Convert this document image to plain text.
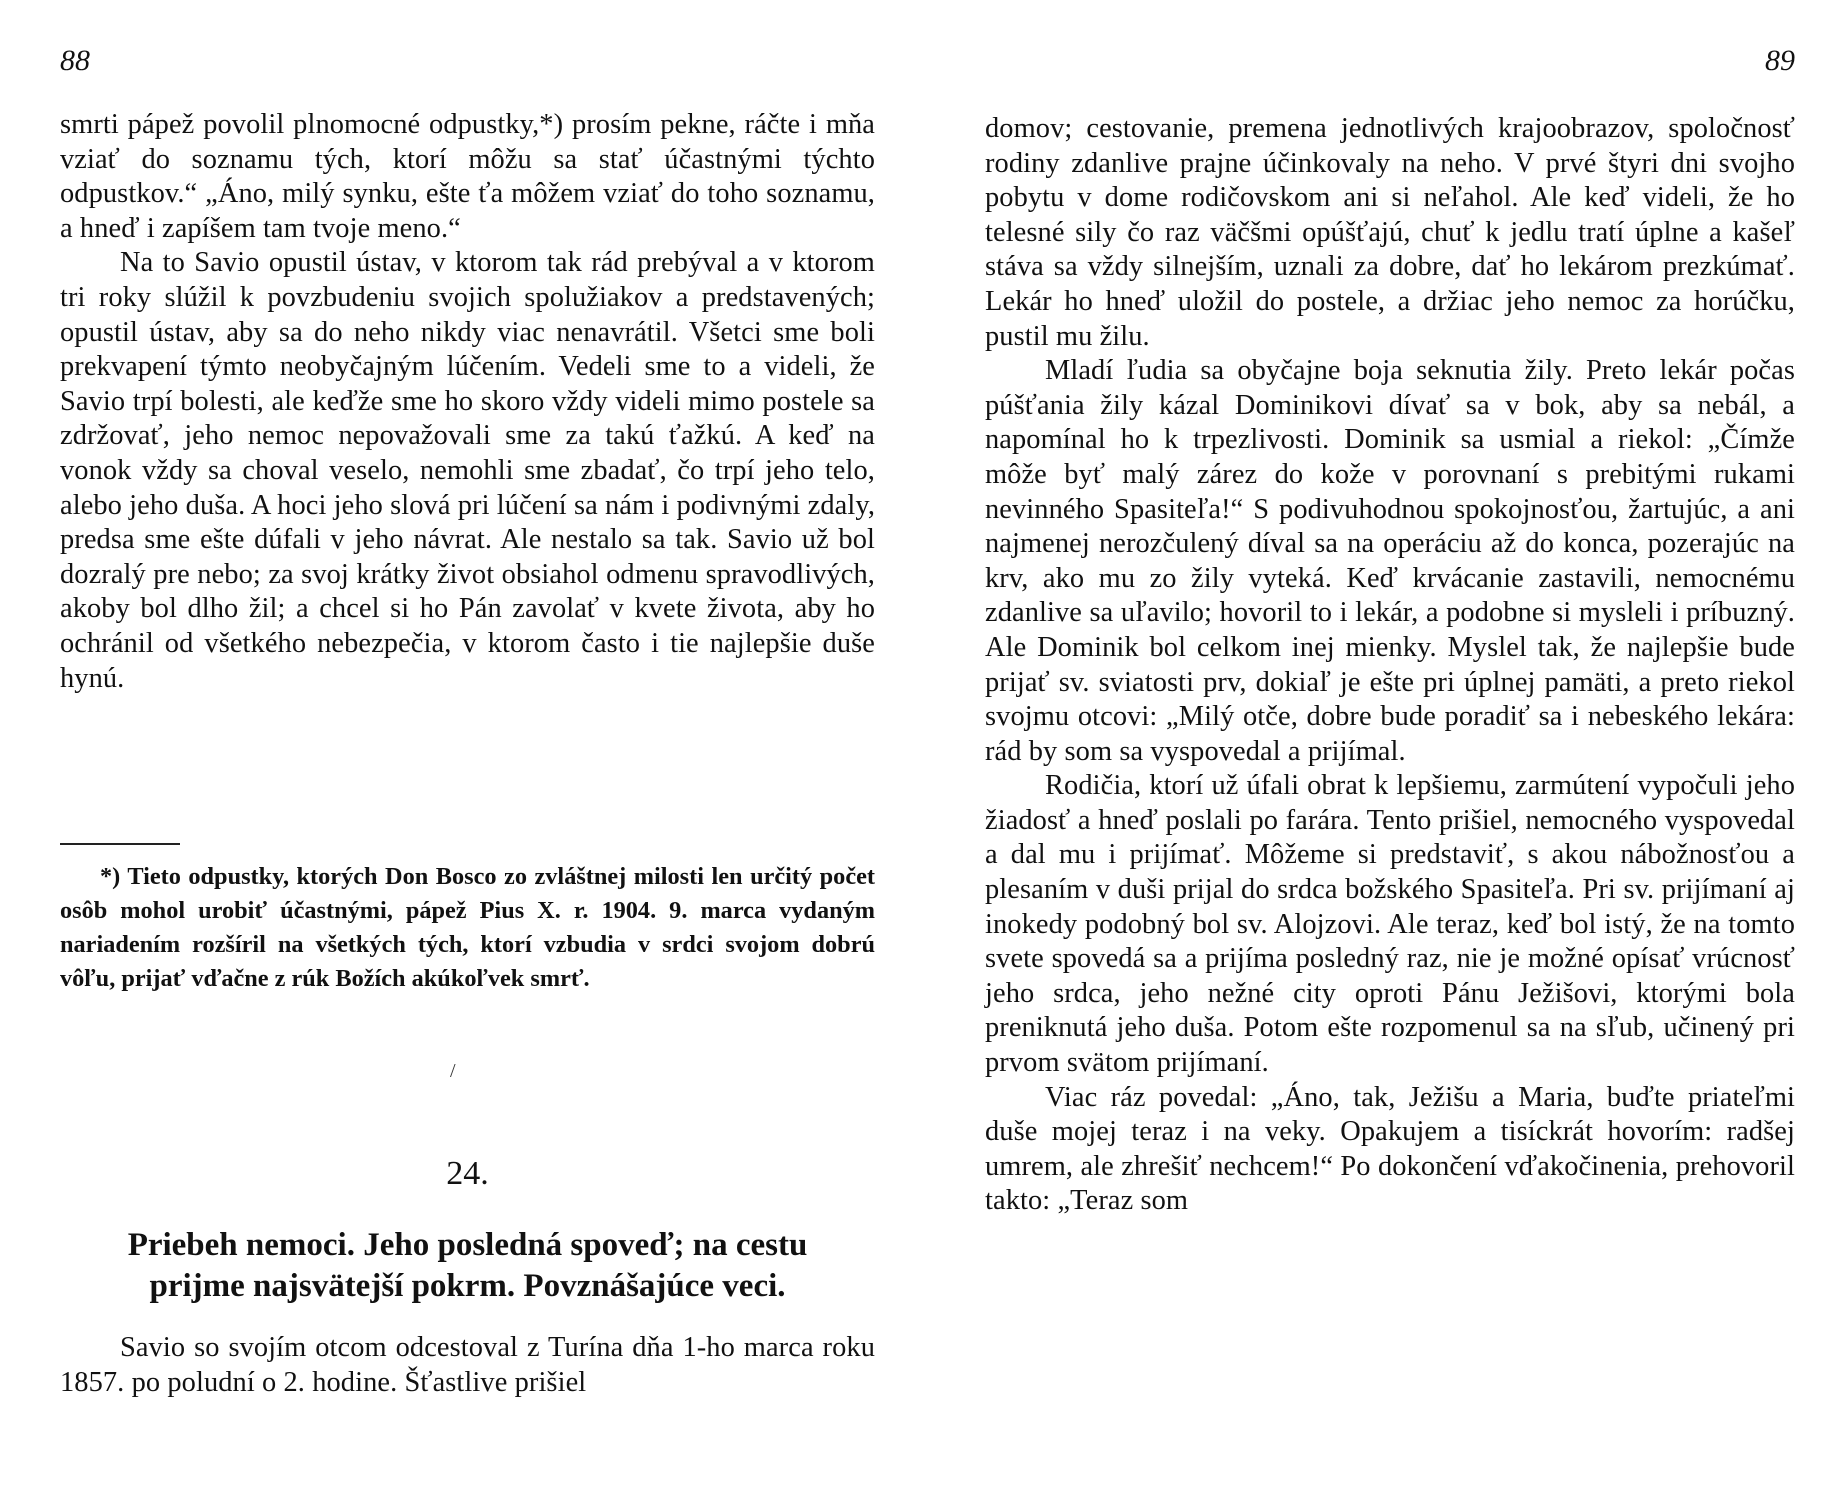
88

smrti pápež povolil plnomocné odpustky,*) prosím pekne, ráčte i mňa vziať do soznamu tých, ktorí môžu sa stať účastnými týchto odpustkov.“ „Áno, milý synku, ešte ťa môžem vziať do toho soznamu, a hneď i zapíšem tam tvoje meno.“

Na to Savio opustil ústav, v ktorom tak rád prebýval a v ktorom tri roky slúžil k povzbudeniu svojich spolužiakov a predstavených; opustil ústav, aby sa do neho nikdy viac nenavrátil. Všetci sme boli prekvapení týmto neobyčajným lúčením. Vedeli sme to a videli, že Savio trpí bolesti, ale keďže sme ho skoro vždy videli mimo postele sa zdržovať, jeho nemoc nepovažovali sme za takú ťažkú. A keď na vonok vždy sa choval veselo, nemohli sme zbadať, čo trpí jeho telo, alebo jeho duša. A hoci jeho slová pri lúčení sa nám i podivnými zdaly, predsa sme ešte dúfali v jeho návrat. Ale nestalo sa tak. Savio už bol dozralý pre nebo; za svoj krátky život obsiahol odmenu spravodlivých, akoby bol dlho žil; a chcel si ho Pán zavolať v kvete života, aby ho ochránil od všetkého nebezpečia, v ktorom často i tie najlepšie duše hynú.

*) Tieto odpustky, ktorých Don Bosco zo zvláštnej milosti len určitý počet osôb mohol urobiť účastnými, pápež Pius X. r. 1904. 9. marca vydaným nariadením rozšíril na všetkých tých, ktorí vzbudia v srdci svojom dobrú vôľu, prijať vďačne z rúk Božích akúkoľvek smrť.

/
24.
Priebeh nemoci. Jeho posledná spoveď; na cestu
prijme najsvätejší pokrm. Povznášajúce veci.

Savio so svojím otcom odcestoval z Turína dňa 1-ho marca roku 1857. po poludní o 2. hodine. Šťastlive prišiel

89

domov; cestovanie, premena jednotlivých krajoobrazov, spoločnosť rodiny zdanlive prajne účinkovaly na neho. V prvé štyri dni svojho pobytu v dome rodičovskom ani si neľahol. Ale keď videli, že ho telesné sily čo raz väčšmi opúšťajú, chuť k jedlu tratí úplne a kašeľ stáva sa vždy silnejším, uznali za dobre, dať ho lekárom prezkúmať. Lekár ho hneď uložil do postele, a držiac jeho nemoc za horúčku, pustil mu žilu.

Mladí ľudia sa obyčajne boja seknutia žily. Preto lekár počas púšťania žily kázal Dominikovi dívať sa v bok, aby sa nebál, a napomínal ho k trpezlivosti. Dominik sa usmial a riekol: „Čímže môže byť malý zárez do kože v porovnaní s prebitými rukami nevinného Spasiteľa!“ S podivuhodnou spokojnosťou, žartujúc, a ani najmenej nerozčulený díval sa na operáciu až do konca, pozerajúc na krv, ako mu zo žily vyteká. Keď krvácanie zastavili, nemocnému zdanlive sa uľavilo; hovoril to i lekár, a podobne si mysleli i príbuzný. Ale Dominik bol celkom inej mienky. Myslel tak, že najlepšie bude prijať sv. sviatosti prv, dokiaľ je ešte pri úplnej pamäti, a preto riekol svojmu otcovi: „Milý otče, dobre bude poradiť sa i nebeského lekára: rád by som sa vyspovedal a prijímal.

Rodičia, ktorí už úfali obrat k lepšiemu, zarmútení vypočuli jeho žiadosť a hneď poslali po farára. Tento prišiel, nemocného vyspovedal a dal mu i prijímať. Môžeme si predstaviť, s akou nábožnosťou a plesaním v duši prijal do srdca božského Spasiteľa. Pri sv. prijímaní aj inokedy podobný bol sv. Alojzovi. Ale teraz, keď bol istý, že na tomto svete spovedá sa a prijíma posledný raz, nie je možné opísať vrúcnosť jeho srdca, jeho nežné city oproti Pánu Ježišovi, ktorými bola preniknutá jeho duša. Potom ešte rozpomenul sa na sľub, učinený pri prvom svätom prijímaní.

Viac ráz povedal: „Áno, tak, Ježišu a Maria, buďte priateľmi duše mojej teraz i na veky. Opakujem a tisíckrát hovorím: radšej umrem, ale zhrešiť nechcem!“ Po dokončení vďakočinenia, prehovoril takto: „Teraz som
